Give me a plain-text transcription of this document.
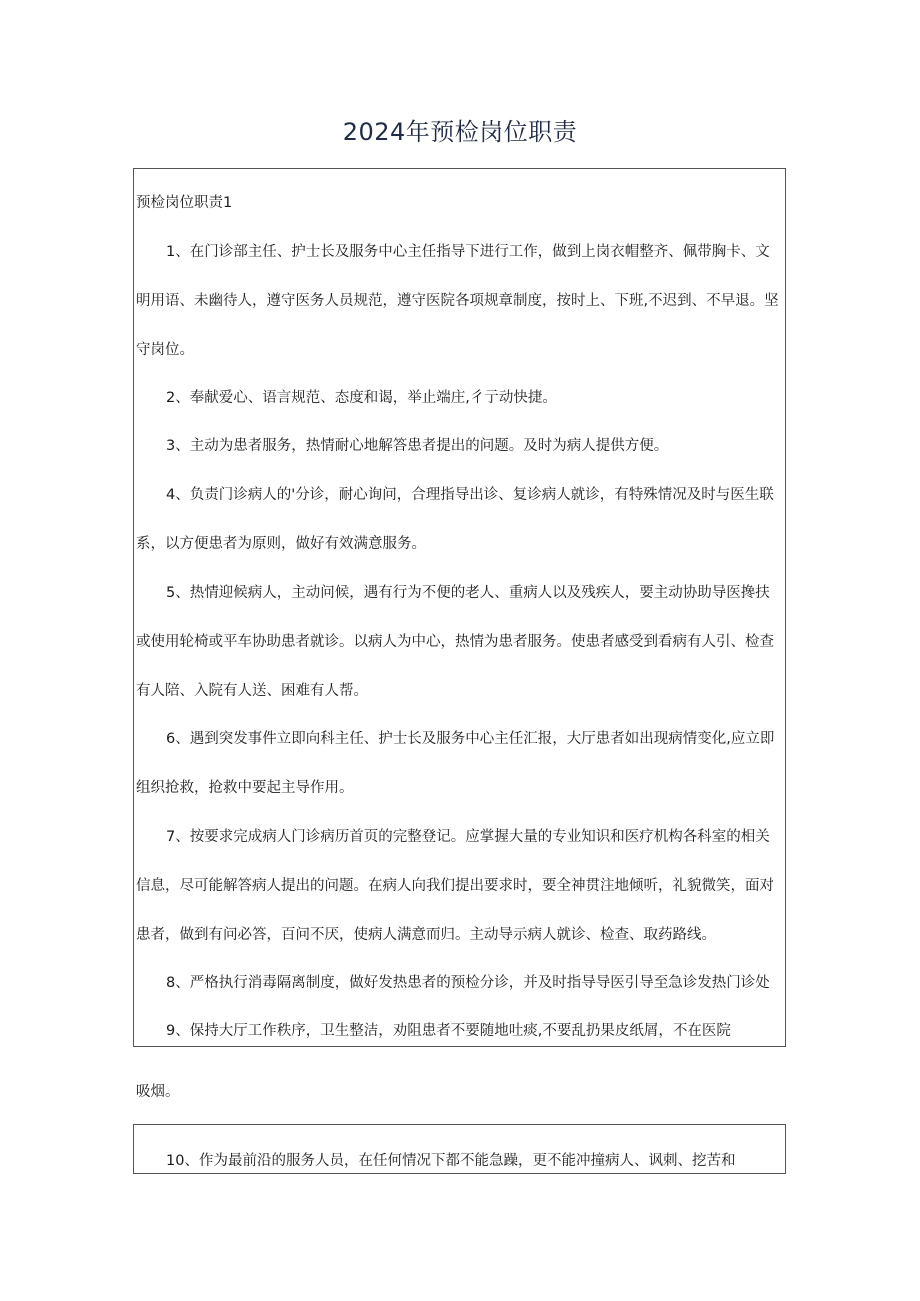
2024年预检岗位职责
预检岗位职责1
1、在门诊部主任、护士长及服务中心主任指导下进行工作，做到上岗衣帽整齐、佩带胸卡、文
明用语、未幽待人，遵守医务人员规范，遵守医院各项规章制度，按时上、下班,不迟到、不早退。坚
守岗位。
2、奉献爱心、语言规范、态度和谒，举止端庄,彳亍动快捷。
3、主动为患者服务，热情耐心地解答患者提出的问题。及时为病人提供方便。
4、负责门诊病人的'分诊，耐心询问，合理指导出诊、复诊病人就诊，有特殊情况及时与医生联
系，以方便患者为原则，做好有效满意服务。
5、热情迎候病人，主动问候，遇有行为不便的老人、重病人以及残疾人，要主动协助导医搀扶
或使用轮椅或平车协助患者就诊。以病人为中心，热情为患者服务。使患者感受到看病有人引、检查
有人陪、入院有人送、困难有人帮。
6、遇到突发事件立即向科主任、护士长及服务中心主任汇报，大厅患者如出现病情变化,应立即
组织抢救，抢救中要起主导作用。
7、按要求完成病人门诊病历首页的完整登记。应掌握大量的专业知识和医疗机构各科室的相关
信息，尽可能解答病人提出的问题。在病人向我们提出要求时，要全神贯注地倾听，礼貌微笑，面对
患者，做到有问必答，百问不厌，使病人满意而归。主动导示病人就诊、检查、取药路线。
8、严格执行消毒隔离制度，做好发热患者的预检分诊，并及时指导导医引导至急诊发热门诊处
9、保持大厅工作秩序，卫生整洁，劝阻患者不要随地吐痰,不要乱扔果皮纸屑，不在医院
吸烟。
10、作为最前沿的服务人员，在任何情况下都不能急躁，更不能冲撞病人、讽刺、挖苦和
